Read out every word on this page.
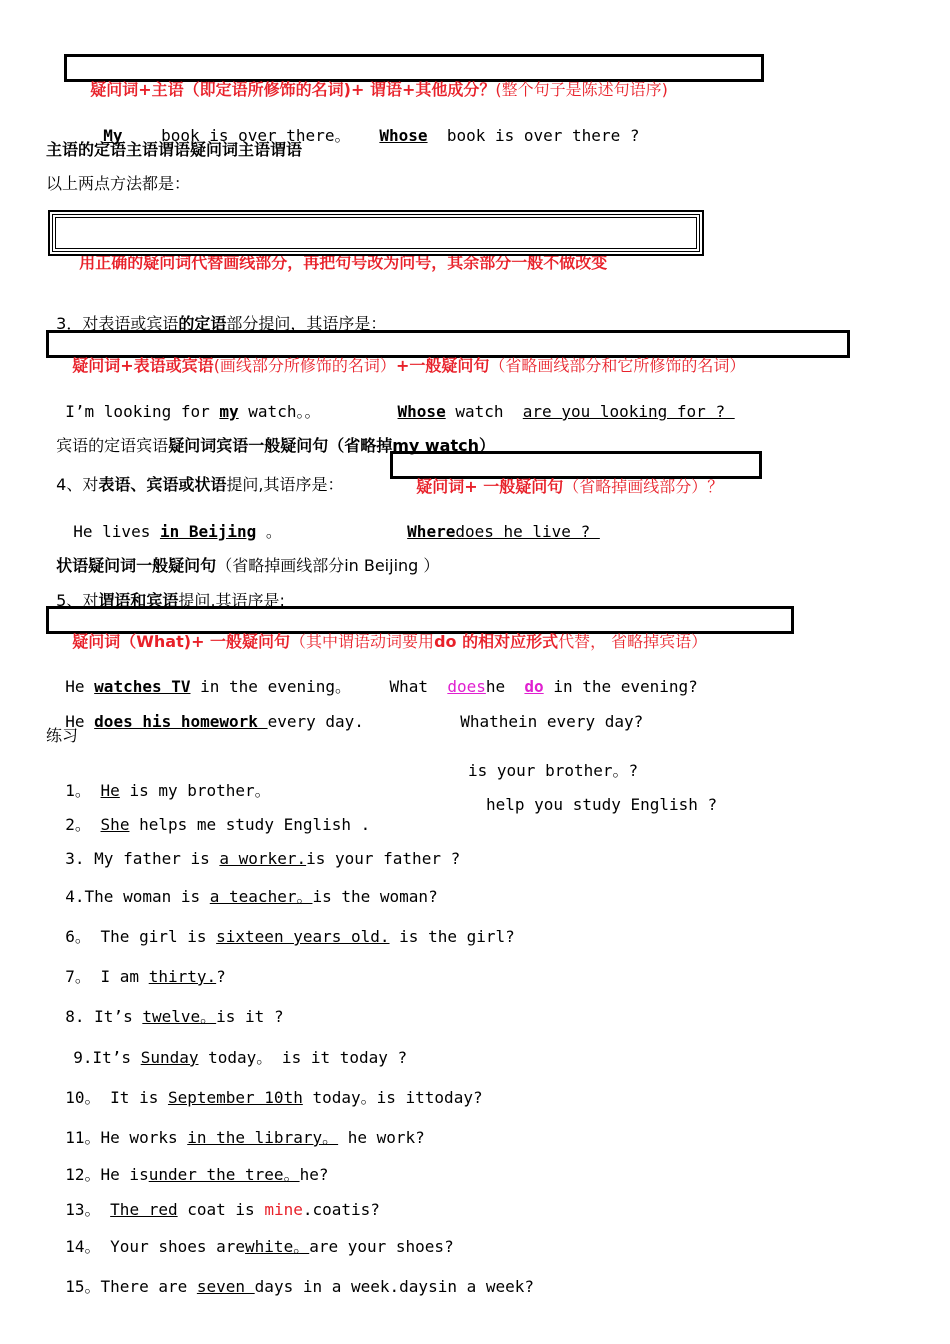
疑问词+主语（即定语所修饰的名词)+ 谓语+其他成分？(整个句子是陈述句语序)

My book is over there。 Whose book is over there ?

主语的定语主语谓语疑问词主语谓语
以上两点方法都是：

用正确的疑问词代替画线部分，再把句号改为问号，其余部分一般不做改变

3．对表语或宾语的定语部分提问，其语序是：

疑问词+表语或宾语(画线部分所修饰的名词）+一般疑问句（省略画线部分和它所修饰的名词）

I’m looking for my watch。。	Whose watch  are you looking for ?

宾语的定语宾语疑问词宾语一般疑问句（省略掉my watch）

4、对表语、宾语或状语提问,其语序是：	疑问词+ 一般疑问句（省略掉画线部分）？

He lives in Beijing 。	Wheredoes he live ?

状语疑问词一般疑问句（省略掉画线部分in Beijing ）

5、对谓语和宾语提问,其语序是:

疑问词（What)+ 一般疑问句（其中谓语动词要用do 的相对应形式代替， 省略掉宾语）

He watches TV in the evening。 What  doeshe  do in the evening?

He does his homework every day.	Whathein every day?

练习

1。 He is my brother。

is your brother。?

2。 She helps me study English .

help you study English ?

3. My father is a worker.is your father ?

4.The woman is a teacher。is the woman?

6。 The girl is sixteen years old. is the girl?

7。 I am thirty.?

8. It’s twelve。is it ?

9.It’s Sunday today。 is it today ?

10。 It is September 10th today。is ittoday?

11。He works in the library。 he work?

12。He isunder the tree。he?

13。 The red coat is mine.coatis?

14。 Your shoes arewhite。are your shoes?

15。There are seven days in a week.daysin a week?
